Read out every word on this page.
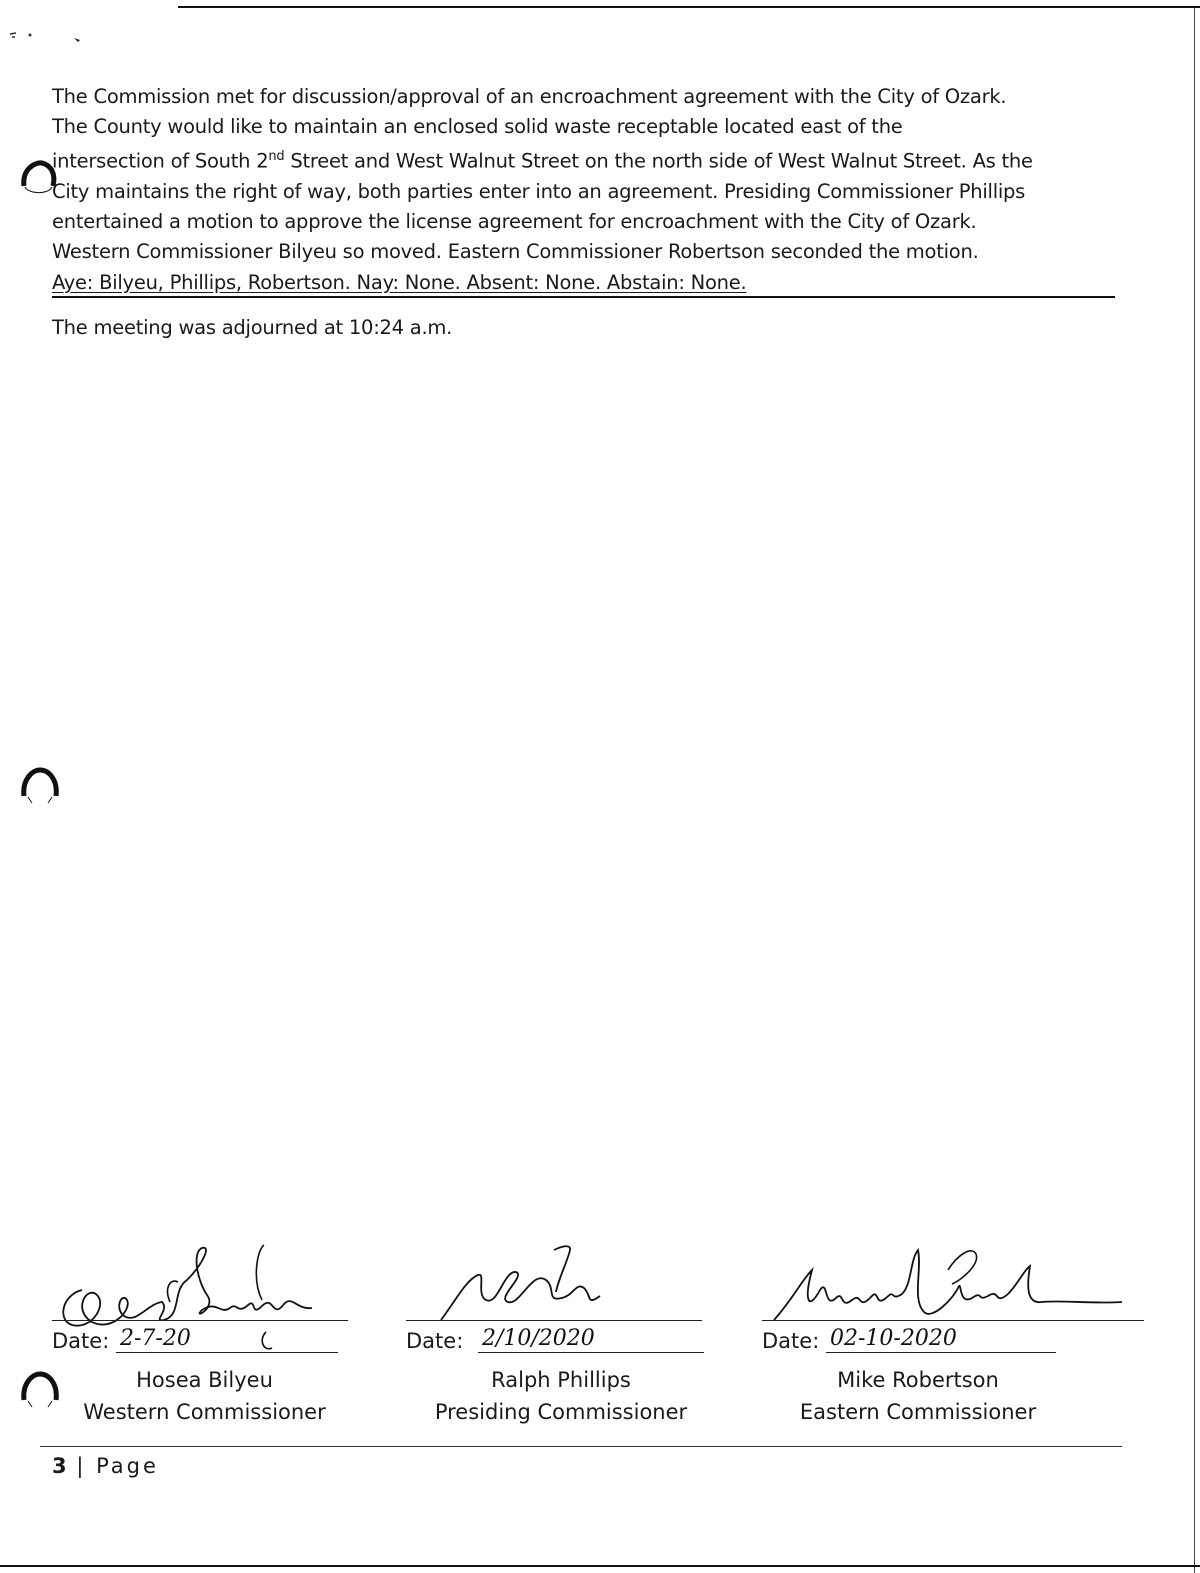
The Commission met for discussion/approval of an encroachment agreement with the City of Ozark.

The County would like to maintain an enclosed solid waste receptable located east of the

intersection of South 2nd Street and West Walnut Street on the north side of West Walnut Street. As the

City maintains the right of way, both parties enter into an agreement. Presiding Commissioner Phillips

entertained a motion to approve the license agreement for encroachment with the City of Ozark.

Western Commissioner Bilyeu so moved. Eastern Commissioner Robertson seconded the motion.

Aye: Bilyeu, Phillips, Robertson. Nay: None. Absent: None. Abstain: None.
The meeting was adjourned at 10:24 a.m.
Date: 2-7-20
Hosea Bilyeu
Western Commissioner
Date: 2/10/2020
Ralph Phillips
Presiding Commissioner
Date: 02-10-2020
Mike Robertson
Eastern Commissioner
3 | Page
